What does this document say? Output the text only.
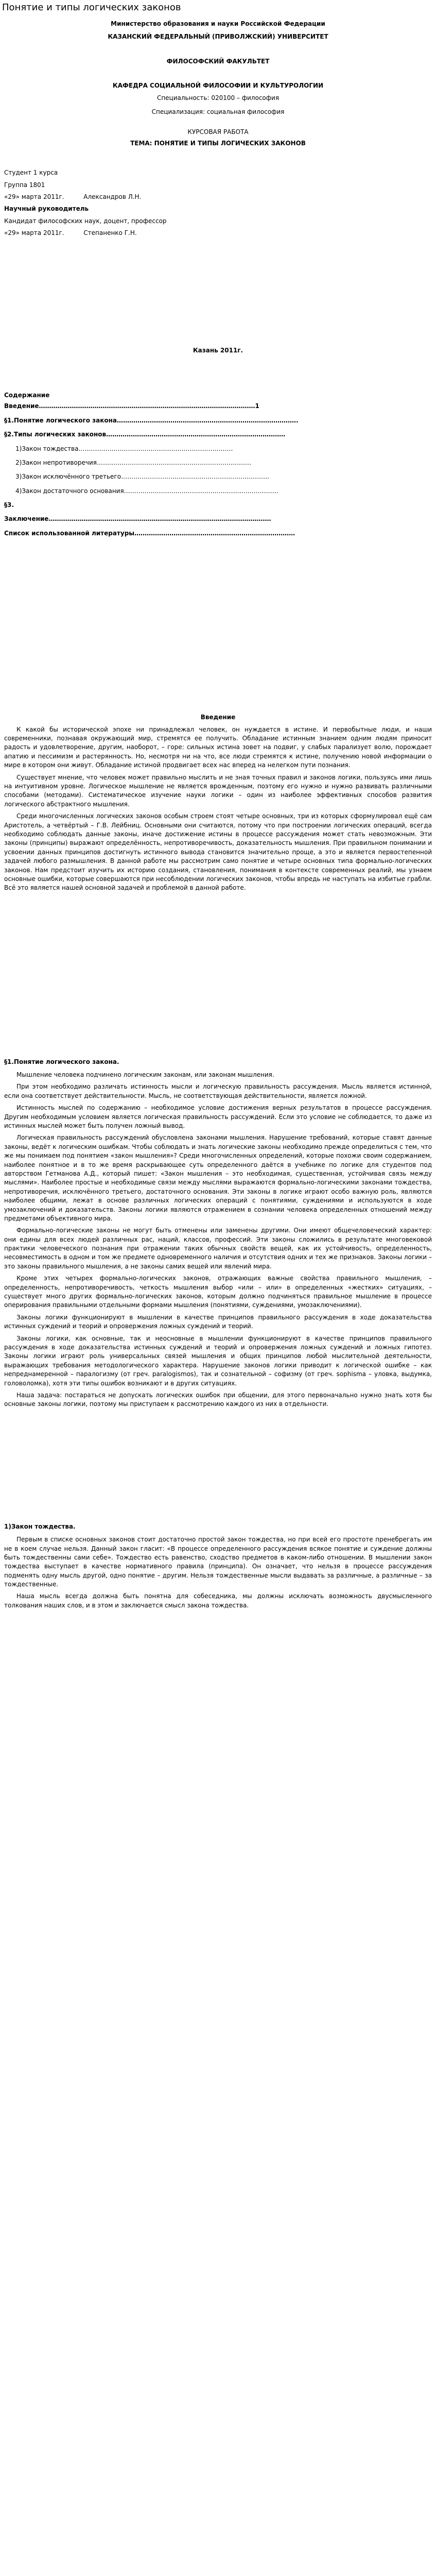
Понятие и типы логических законов

Министерство образования и науки Российской Федерации

КАЗАНСКИЙ ФЕДЕРАЛЬНЫЙ (ПРИВОЛЖСКИЙ) УНИВЕРСИТЕТ

ФИЛОСОФСКИЙ ФАКУЛЬТЕТ

КАФЕДРА СОЦИАЛЬНОЙ ФИЛОСОФИИ И КУЛЬТУРОЛОГИИ

Специальность: 020100 – философия

Специализация: социальная философия

КУРСОВАЯ РАБОТА

ТЕМА: ПОНЯТИЕ И ТИПЫ ЛОГИЧЕСКИХ ЗАКОНОВ

Студент 1 курса

Группа 1801

«29» марта 2011г.	Александров Л.Н.

Научный руководитель

Кандидат философских наук, доцент, профессор

«29» марта 2011г.	Степаненко Г.Н.

Казань 2011г.

Содержание

Введение……………………………………………………………………………………………1

§1.Понятие логического закона…………………………………………………………………………….

§2.Типы логических законов……………………………………………………………………………

1)Закон тождества…………………………………………………………………

2)Закон непротиворечия…………………………………………………………………

3)Закон исключённого третьего………………………………………………………………

4)Закон достаточного основания…………………………………………………………………

§3.

Заключение………………………………………………………………………………………………

Список использованной литературы……………………………………………………………………

Введение

К какой бы исторической эпохе ни принадлежал человек, он нуждается в истине. И первобытные люди, и наши современники, познавая окружающий мир, стремятся ее получить. Обладание истинным знанием одним людям приносит радость и удовлетворение, другим, наоборот, – горе: сильных истина зовет на подвиг, у слабых парализует волю, порождает апатию и пессимизм и растерянность. Но, несмотря ни на что, все люди стремятся к истине, получению новой информации о мире в котором они живут. Обладание истиной продвигает всех нас вперед на нелегком пути познания.

Существует мнение, что человек может правильно мыслить и не зная точных правил и законов логики, пользуясь ими лишь на интуитивном уровне. Логическое мышление не является врожденным, поэтому его нужно и нужно развивать различными способами (методами). Систематическое изучение науки логики – один из наиболее эффективных способов развития логического абстрактного мышления.

Среди многочисленных логических законов особым строем стоят четыре основных, три из которых сформулировал ещё сам Аристотель, а четвёртый – Г.В. Лейбниц. Основными они считаются, потому что при построении логических операций, всегда необходимо соблюдать данные законы, иначе достижение истины в процессе рассуждения может стать невозможным. Эти законы (принципы) выражают определённость, непротиворечивость, доказательность мышления. При правильном понимании и усвоении данных принципов достигнуть истинного вывода становится значительно проще, а это и является первостепенной задачей любого размышления. В данной работе мы рассмотрим само понятие и четыре основных типа формально-логических законов. Нам предстоит изучить их историю создания, становления, понимания в контексте современных реалий, мы узнаем основные ошибки, которые совершаются при несоблюдении логических законов, чтобы впредь не наступать на избитые грабли. Всё это является нашей основной задачей и проблемой в данной работе.

§1.Понятие логического закона.

Мышление человека подчинено логическим законам, или законам мышления.

При этом необходимо различать истинность мысли и логическую правильность рассуждения. Мысль является истинной, если она соответствует действительности. Мысль, не соответствующая действительности, является ложной.

Истинность мыслей по содержанию – необходимое условие достижения верных результатов в процессе рассуждения. Другим необходимым условием является логическая правильность рассуждений. Если это условие не соблюдается, то даже из истинных мыслей может быть получен ложный вывод.

Логическая правильность рассуждений обусловлена законами мышления. Нарушение требований, которые ставят данные законы, ведёт к логическим ошибкам. Чтобы соблюдать и знать логические законы необходимо прежде определиться с тем, что же мы понимаем под понятием «закон мышления»? Среди многочисленных определений, которые похожи своим содержанием, наиболее понятное и в то же время раскрывающее суть определенного даётся в учебнике по логике для студентов под авторством Гетманова А.Д., который пишет: «Закон мышления – это необходимая, существенная, устойчивая связь между мыслями». Наиболее простые и необходимые связи между мыслями выражаются формально-логическими законами тождества, непротиворечия, исключённого третьего, достаточного основания. Эти законы в логике играют особо важную роль, являются наиболее общими, лежат в основе различных логических операций с понятиями, суждениями и используются в ходе умозаключений и доказательств. Законы логики являются отражением в сознании человека определенных отношений между предметами объективного мира.

Формально-логические законы не могут быть отменены или заменены другими. Они имеют общечеловеческий характер: они едины для всех людей различных рас, наций, классов, профессий. Эти законы сложились в результате многовековой практики человеческого познания при отражении таких обычных свойств вещей, как их устойчивость, определенность, несовместимость в одном и том же предмете одновременного наличия и отсутствия одних и тех же признаков. Законы логики – это законы правильного мышления, а не законы самих вещей или явлений мира.

Кроме этих четырех формально-логических законов, отражающих важные свойства правильного мышления, – определенность, непротиворечивость, четкость мышления выбор «или – или» в определенных «жестких» ситуациях, – существует много других формально-логических законов, которым должно подчиняться правильное мышление в процессе оперирования правильными отдельными формами мышления (понятиями, суждениями, умозаключениями).

Законы логики функционируют в мышлении в качестве принципов правильного рассуждения в ходе доказательства истинных суждений и теорий и опровержения ложных суждений и теорий.

Законы логики, как основные, так и неосновные в мышлении функционируют в качестве принципов правильного рассуждения в ходе доказательства истинных суждений и теорий и опровержения ложных суждений и ложных гипотез. Законы логики играют роль универсальных связей мышления и общих принципов любой мыслительной деятельности, выражающих требования методологического характера. Нарушение законов логики приводит к логической ошибке – как непреднамеренной – паралогизму (от греч. paralogismos), так и сознательной – софизму (от греч. sophisma – уловка, выдумка, головоломка), хотя эти типы ошибок возникают и в других ситуациях.

Наша задача: постараться не допускать логических ошибок при общении, для этого первоначально нужно знать хотя бы основные законы логики, поэтому мы приступаем к рассмотрению каждого из них в отдельности.

1)Закон тождества.

Первым в списке основных законов стоит достаточно простой закон тождества, но при всей его простоте пренебрегать им не в коем случае нельзя. Данный закон гласит: «В процессе определенного рассуждения всякое понятие и суждение должны быть тождественны сами себе». Тождество есть равенство, сходство предметов в каком-либо отношении. В мышлении закон тождества выступает в качестве нормативного правила (принципа). Он означает, что нельзя в процессе рассуждения подменять одну мысль другой, одно понятие – другим. Нельзя тождественные мысли выдавать за различные, а различные – за тождественные.

Наша мысль всегда должна быть понятна для собеседника, мы должны исключать возможность двусмысленного толкования наших слов, и в этом и заключается смысл закона тождества.
